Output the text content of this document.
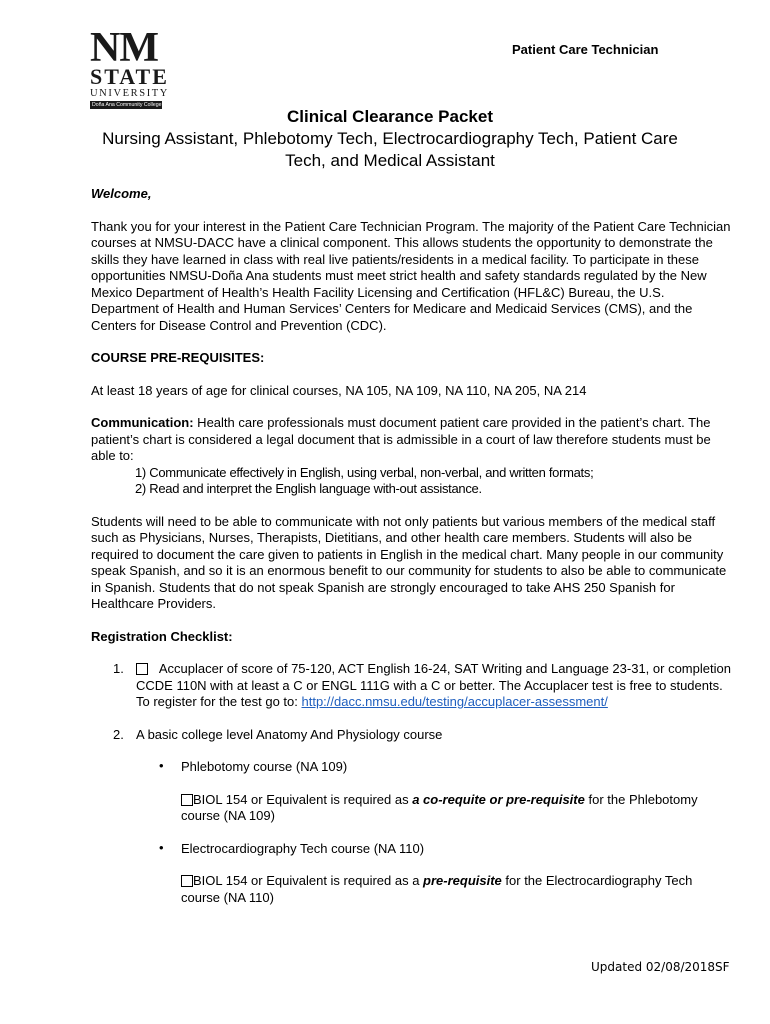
NM
STATE
UNIVERSITY
Doña Ana Community College
Patient Care Technician
Clinical Clearance Packet
Nursing Assistant, Phlebotomy Tech, Electrocardiography Tech, Patient Care Tech, and Medical Assistant

Welcome,

Thank you for your interest in the Patient Care Technician Program. The majority of the Patient Care Technician courses at NMSU-DACC have a clinical component. This allows students the opportunity to demonstrate the skills they have learned in class with real live patients/residents in a medical facility. To participate in these opportunities NMSU-Doña Ana students must meet strict health and safety standards regulated by the New Mexico Department of Health’s Health Facility Licensing and Certification (HFL&C) Bureau, the U.S. Department of Health and Human Services’ Centers for Medicare and Medicaid Services (CMS), and the Centers for Disease Control and Prevention (CDC).

COURSE PRE-REQUISITES:

At least 18 years of age for clinical courses, NA 105, NA 109, NA 110, NA 205, NA 214

Communication: Health care professionals must document patient care provided in the patient’s chart. The patient’s chart is considered a legal document that is admissible in a court of law therefore students must be able to:

1) Communicate effectively in English, using verbal, non-verbal, and written formats;

2) Read and interpret the English language with-out assistance.

Students will need to be able to communicate with not only patients but various members of the medical staff such as Physicians, Nurses, Therapists, Dietitians, and other health care members. Students will also be required to document the care given to patients in English in the medical chart. Many people in our community speak Spanish, and so it is an enormous benefit to our community for students to also be able to communicate in Spanish. Students that do not speak Spanish are strongly encouraged to take AHS 250 Spanish for Healthcare Providers.

Registration Checklist:

1.	Accuplacer of score of 75-120, ACT English 16-24, SAT Writing and Language 23-31, or completion CCDE 110N with at least a C or ENGL 111G with a C or better. The Accuplacer test is free to students. To register for the test go to: http://dacc.nmsu.edu/testing/accuplacer-assessment/
2. A basic college level Anatomy And Physiology course
• Phlebotomy course (NA 109)

BIOL 154 or Equivalent is required as a co-requite or pre-requisite for the Phlebotomy course (NA 109)

• Electrocardiography Tech course (NA 110)

BIOL 154 or Equivalent is required as a pre-requisite for the Electrocardiography Tech course (NA 110)

Updated 02/08/2018SF
